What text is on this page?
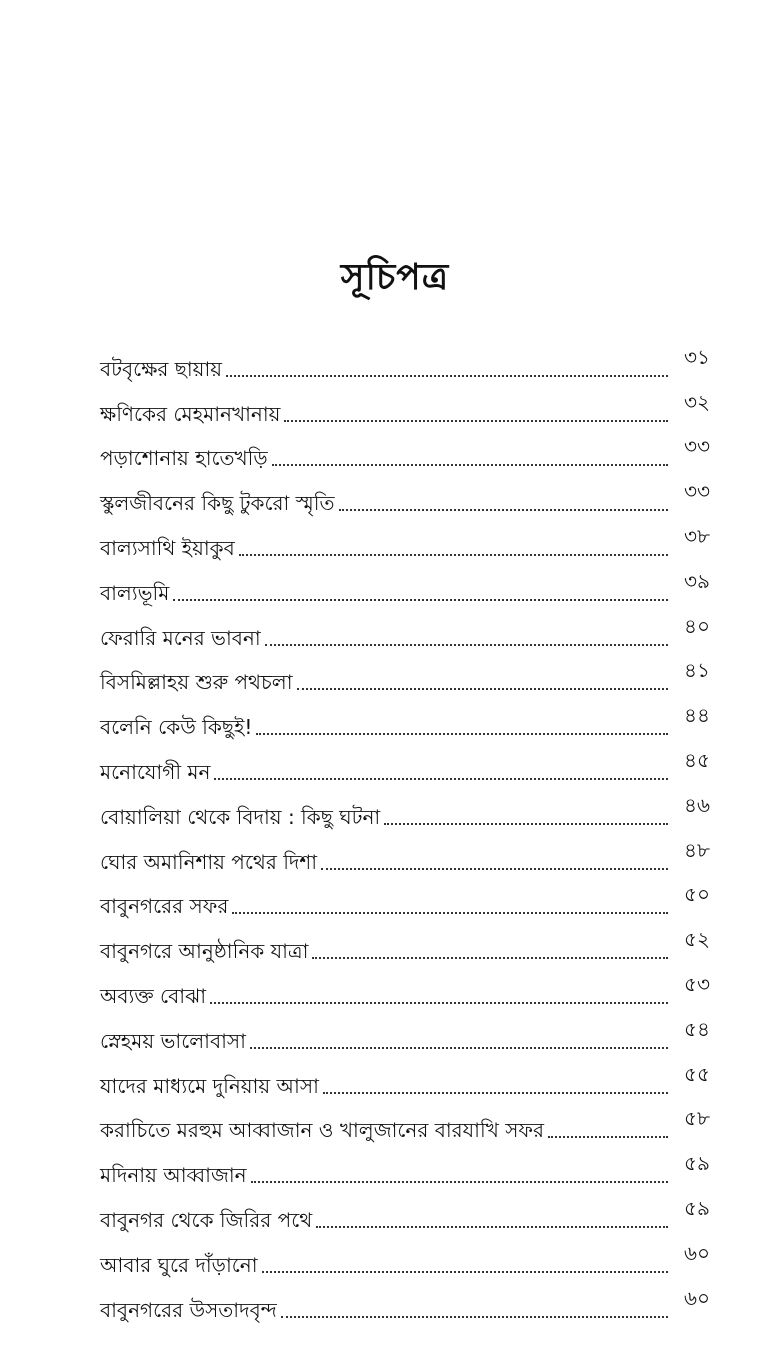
সূচিপত্র
বটবৃক্ষের ছায়ায়	৩১
ক্ষণিকের মেহমানখানায়	৩২
পড়াশোনায় হাতেখড়ি	৩৩
স্কুলজীবনের কিছু টুকরো স্মৃতি	৩৩
বাল্যসাথি ইয়াকুব	৩৮
বাল্যভূমি	৩৯
ফেরারি মনের ভাবনা	৪০
বিসমিল্লাহয় শুরু পথচলা	৪১
বলেনি কেউ কিছুই!	৪৪
মনোযোগী মন	৪৫
বোয়ালিয়া থেকে বিদায় : কিছু ঘটনা	৪৬
ঘোর অমানিশায় পথের দিশা	৪৮
বাবুনগরের সফর	৫০
বাবুনগরে আনুষ্ঠানিক যাত্রা	৫২
অব্যক্ত বোঝা	৫৩
স্নেহময় ভালোবাসা	৫৪
যাদের মাধ্যমে দুনিয়ায় আসা	৫৫
করাচিতে মরহুম আব্বাজান ও খালুজানের বারযাখি সফর	৫৮
মদিনায় আব্বাজান	৫৯
বাবুনগর থেকে জিরির পথে	৫৯
আবার ঘুরে দাঁড়ানো	৬০
বাবুনগরের উসতাদবৃন্দ	৬০
